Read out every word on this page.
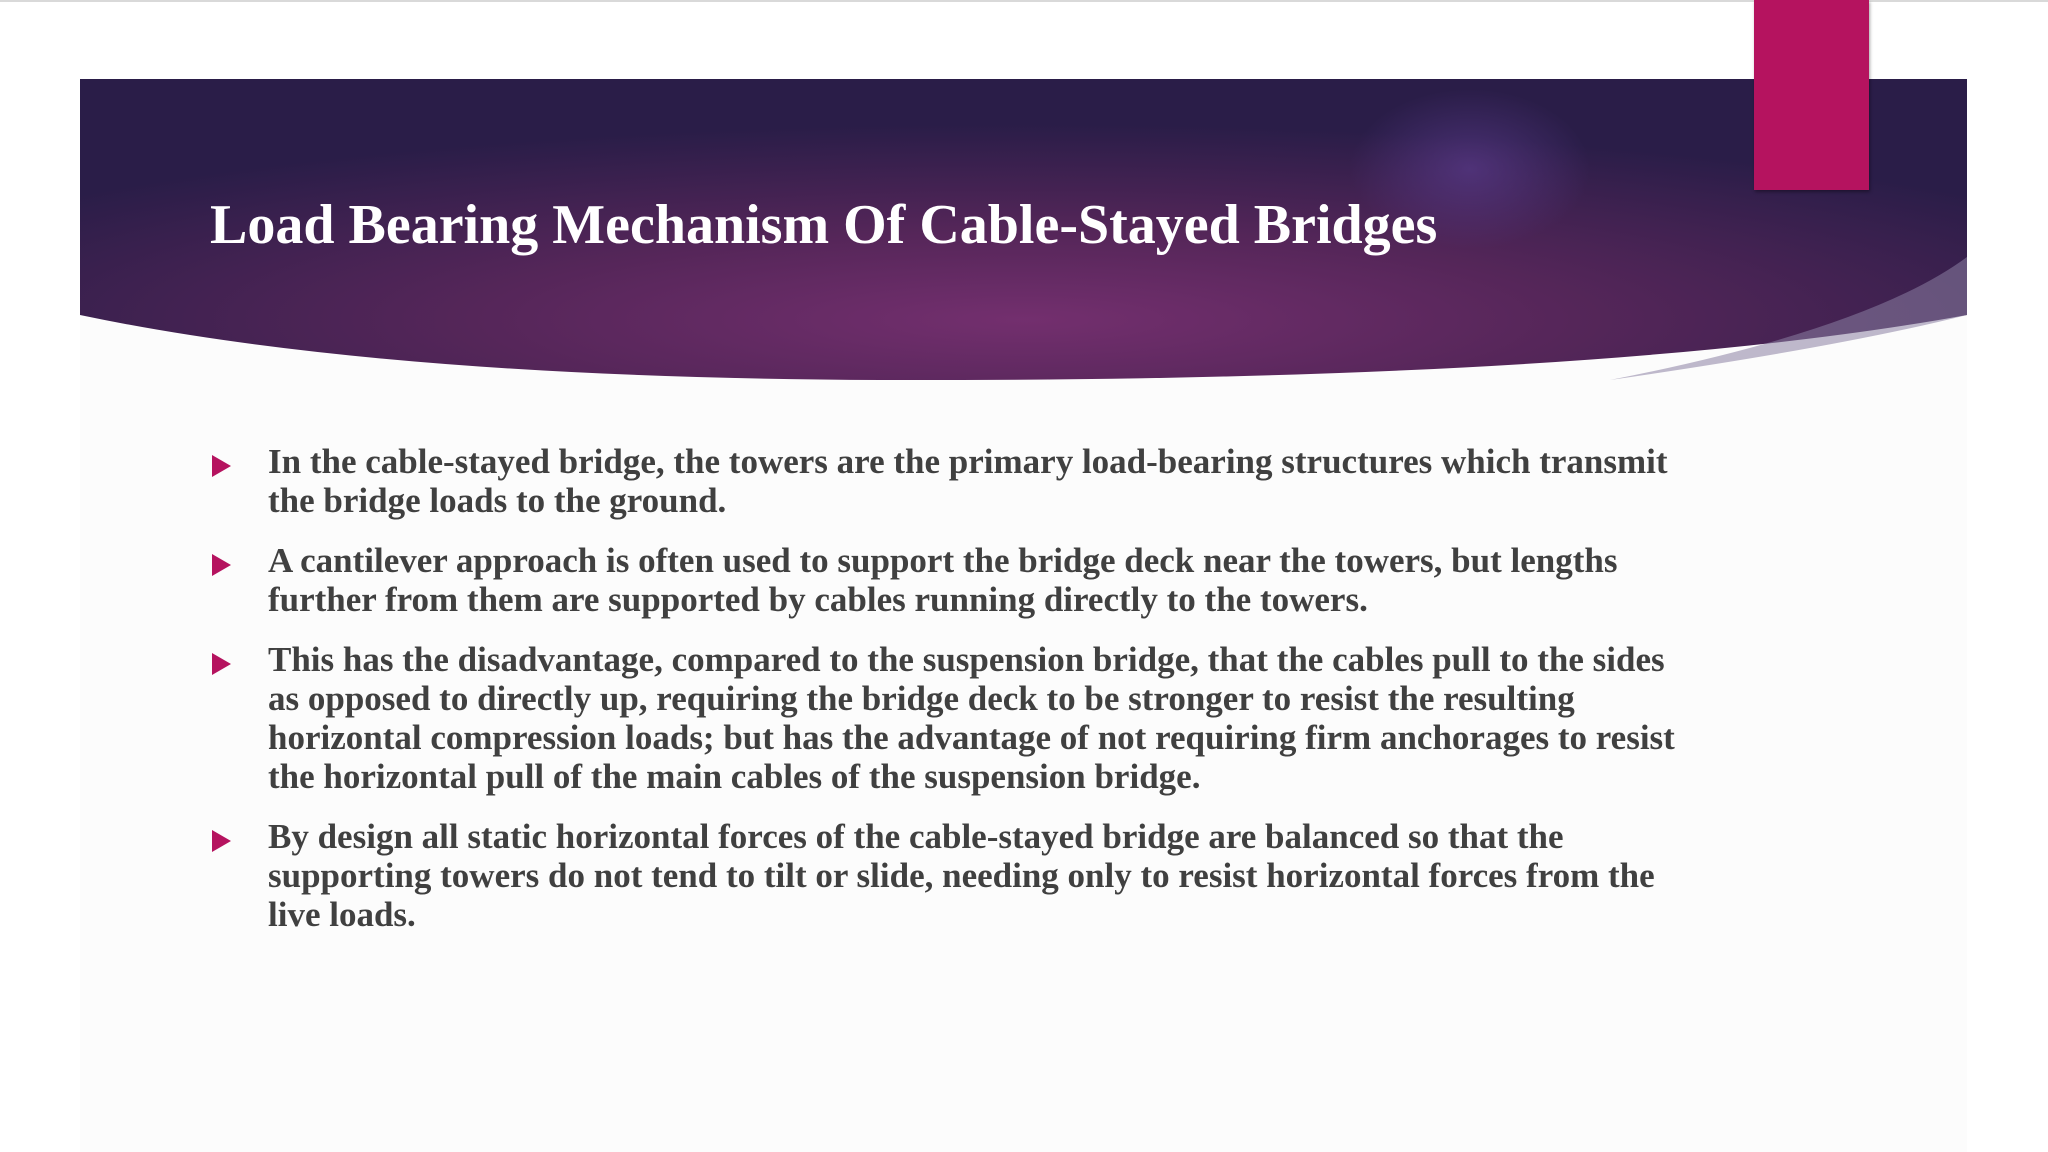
Load Bearing Mechanism Of Cable-Stayed Bridges
In the cable-stayed bridge, the towers are the primary load-bearing structures which transmit the bridge loads to the ground.
A cantilever approach is often used to support the bridge deck near the towers, but lengths further from them are supported by cables running directly to the towers.
This has the disadvantage, compared to the suspension bridge, that the cables pull to the sides as opposed to directly up, requiring the bridge deck to be stronger to resist the resulting horizontal compression loads; but has the advantage of not requiring firm anchorages to resist the horizontal pull of the main cables of the suspension bridge.
By design all static horizontal forces of the cable-stayed bridge are balanced so that the supporting towers do not tend to tilt or slide, needing only to resist horizontal forces from the live loads.
